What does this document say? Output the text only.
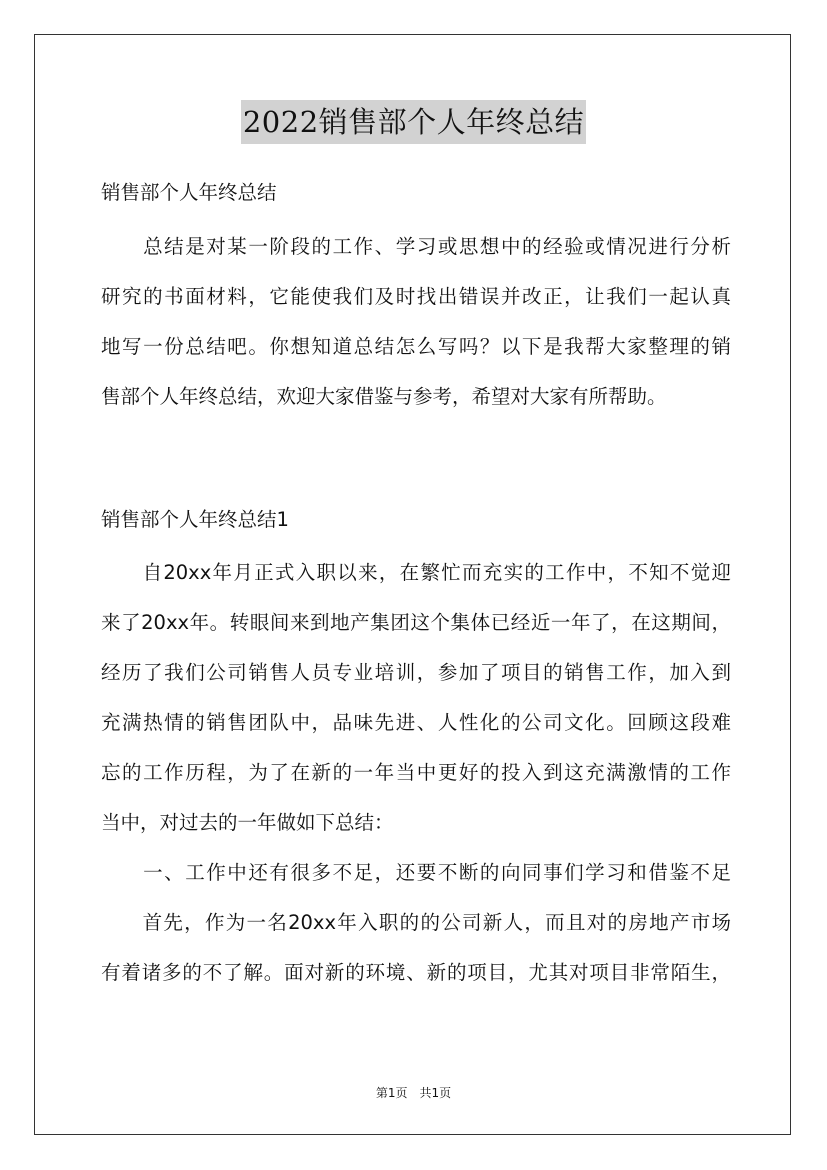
2022销售部个人年终总结
销售部个人年终总结
　　总结是对某一阶段的工作、学习或思想中的经验或情况进行分析
研究的书面材料，它能使我们及时找出错误并改正，让我们一起认真
地写一份总结吧。你想知道总结怎么写吗？以下是我帮大家整理的销
售部个人年终总结，欢迎大家借鉴与参考，希望对大家有所帮助。
销售部个人年终总结1
　　自20xx年月正式入职以来，在繁忙而充实的工作中，不知不觉迎
来了20xx年。转眼间来到地产集团这个集体已经近一年了，在这期间，
经历了我们公司销售人员专业培训，参加了项目的销售工作，加入到
充满热情的销售团队中，品味先进、人性化的公司文化。回顾这段难
忘的工作历程，为了在新的一年当中更好的投入到这充满激情的工作
当中，对过去的一年做如下总结：
　　一、工作中还有很多不足，还要不断的向同事们学习和借鉴不足
　　首先，作为一名20xx年入职的的公司新人，而且对的房地产市场
有着诸多的不了解。面对新的环境、新的项目，尤其对项目非常陌生，
第1页　共1页
